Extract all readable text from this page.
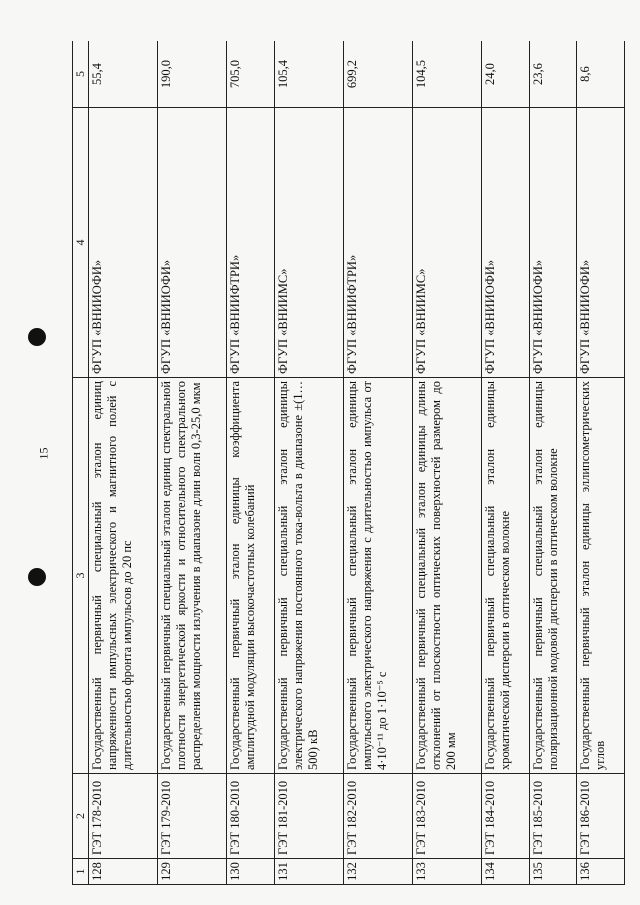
15
1	2	3	4	5
128	ГЭТ 178-2010	Государственный первичный специальный эталон единиц напряженности импульсных электрического и магнитного полей с длительностью фронта импульсов до 20 пс	ФГУП «ВНИИОФИ»	55,4
129	ГЭТ 179-2010	Государственный первичный специальный эталон единиц спектральной плотности энергетической яркости и относительного спектрального распределения мощности излучения в диапазоне длин волн 0,3-25,0 мкм	ФГУП «ВНИИОФИ»	190,0
130	ГЭТ 180-2010	Государственный первичный эталон единицы коэффициента амплитудной модуляции высокочастотных колебаний	ФГУП «ВНИИФТРИ»	705,0
131	ГЭТ 181-2010	Государственный первичный специальный эталон единицы электрического напряжения постоянного тока-вольта в диапазоне ±(1…500) кВ	ФГУП «ВНИИМС»	105,4
132	ГЭТ 182-2010	Государственный первичный специальный эталон единицы импульсного электрического напряжения с длительностью импульса от 4·10⁻¹¹ до 1·10⁻⁵ с	ФГУП «ВНИИФТРИ»	699,2
133	ГЭТ 183-2010	Государственный первичный специальный эталон единицы длины отклонений от плоскостности оптических поверхностей размером до 200 мм	ФГУП «ВНИИМС»	104,5
134	ГЭТ 184-2010	Государственный первичный специальный эталон единицы хроматической дисперсии в оптическом волокне	ФГУП «ВНИИОФИ»	24,0
135	ГЭТ 185-2010	Государственный первичный специальный эталон единицы поляризационной модовой дисперсии в оптическом волокне	ФГУП «ВНИИОФИ»	23,6
136	ГЭТ 186-2010	Государственный первичный эталон единицы эллипсометрических углов	ФГУП «ВНИИОФИ»	8,6
